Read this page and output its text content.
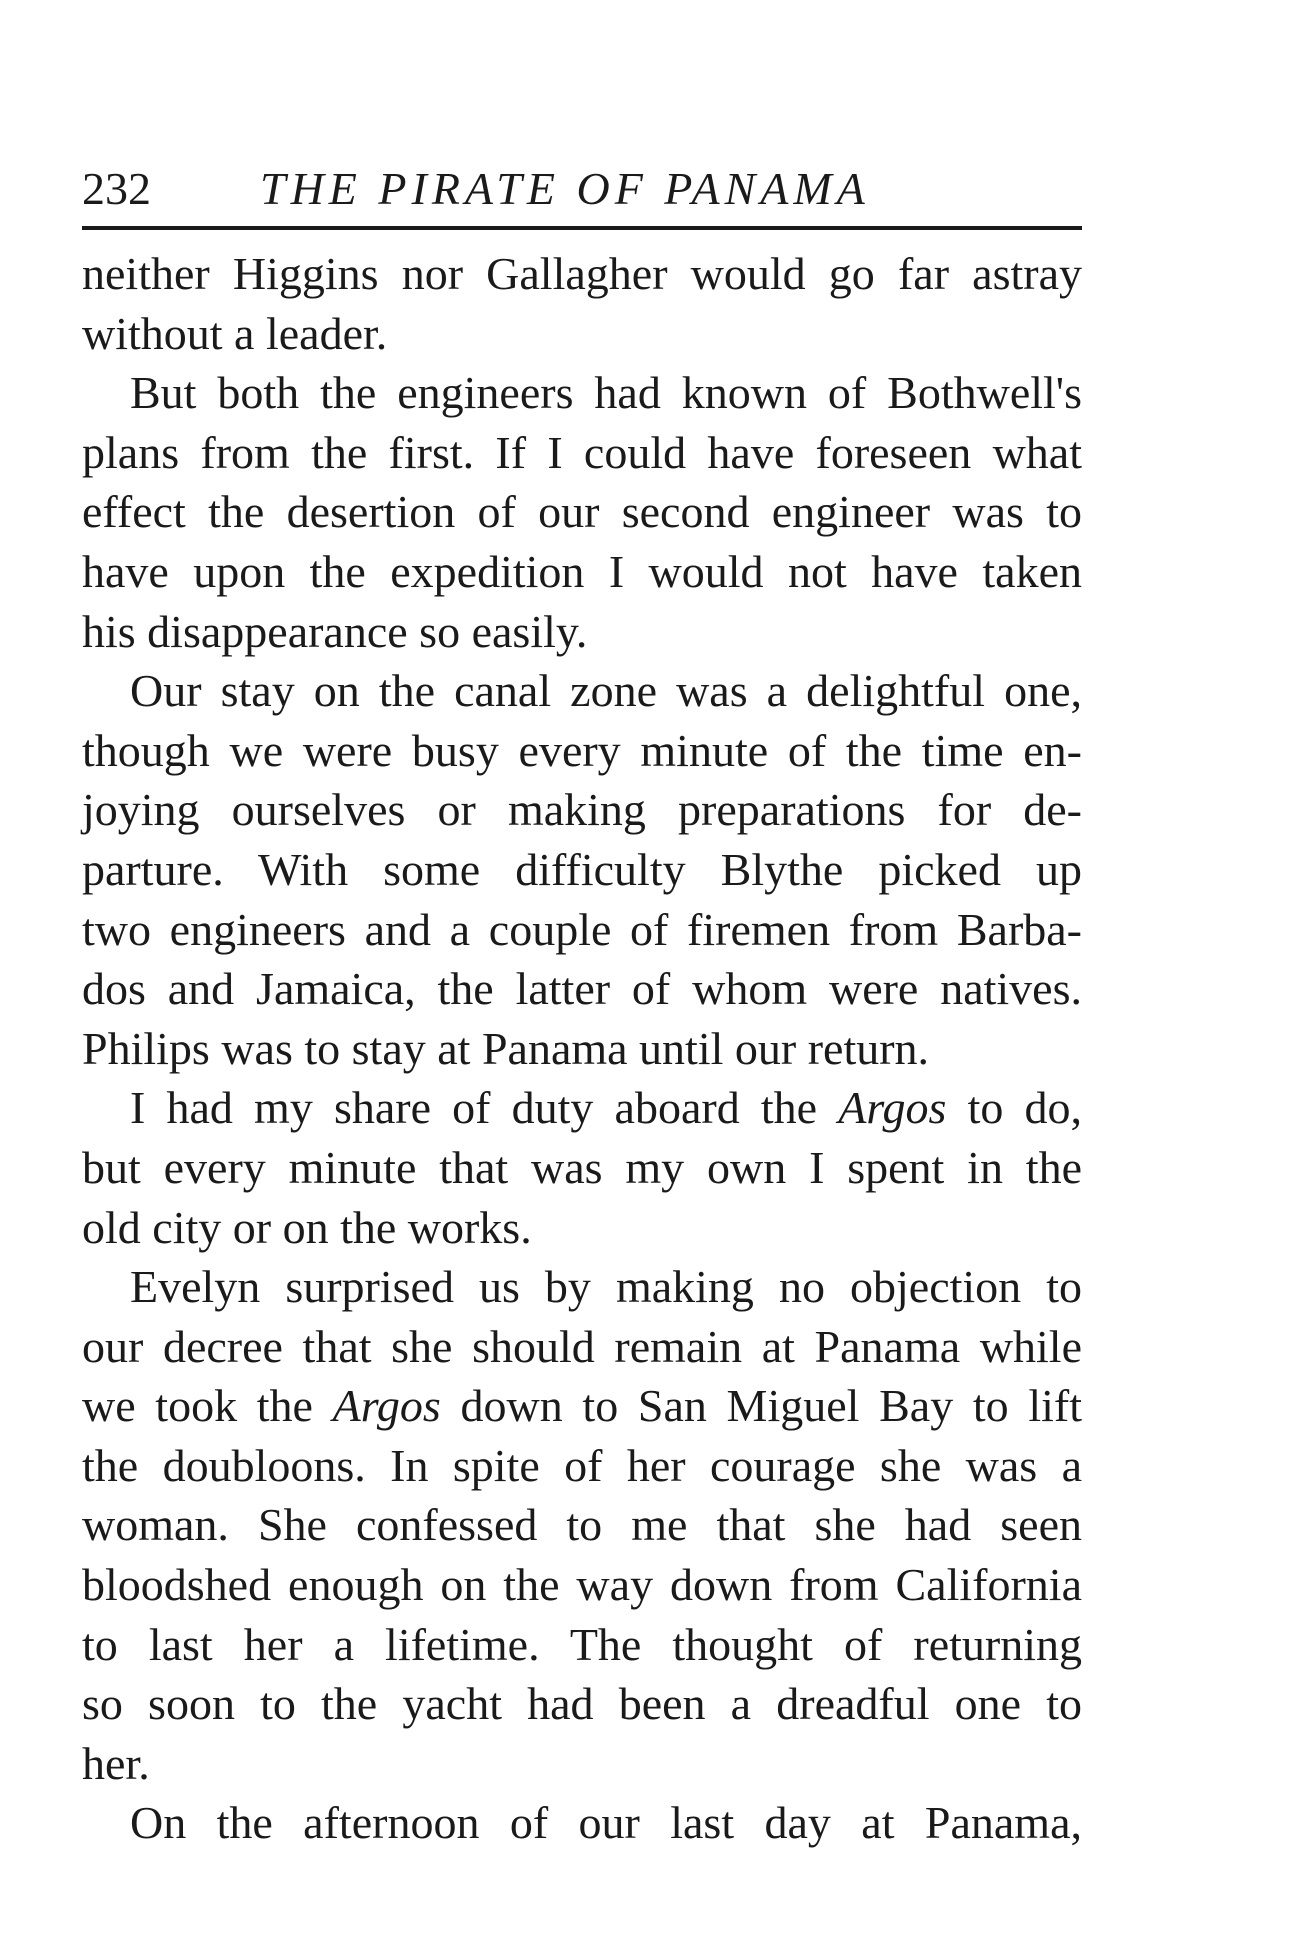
232 THE PIRATE OF PANAMA
neither Higgins nor Gallagher would go far astray
without a leader.
But both the engineers had known of Bothwell's
plans from the first. If I could have foreseen what
effect the desertion of our second engineer was to
have upon the expedition I would not have taken
his disappearance so easily.
Our stay on the canal zone was a delightful one,
though we were busy every minute of the time en-
joying ourselves or making preparations for de-
parture. With some difficulty Blythe picked up
two engineers and a couple of firemen from Barba-
dos and Jamaica, the latter of whom were natives.
Philips was to stay at Panama until our return.
I had my share of duty aboard the Argos to do,
but every minute that was my own I spent in the
old city or on the works.
Evelyn surprised us by making no objection to
our decree that she should remain at Panama while
we took the Argos down to San Miguel Bay to lift
the doubloons. In spite of her courage she was a
woman. She confessed to me that she had seen
bloodshed enough on the way down from California
to last her a lifetime. The thought of returning
so soon to the yacht had been a dreadful one to
her.
On the afternoon of our last day at Panama,
